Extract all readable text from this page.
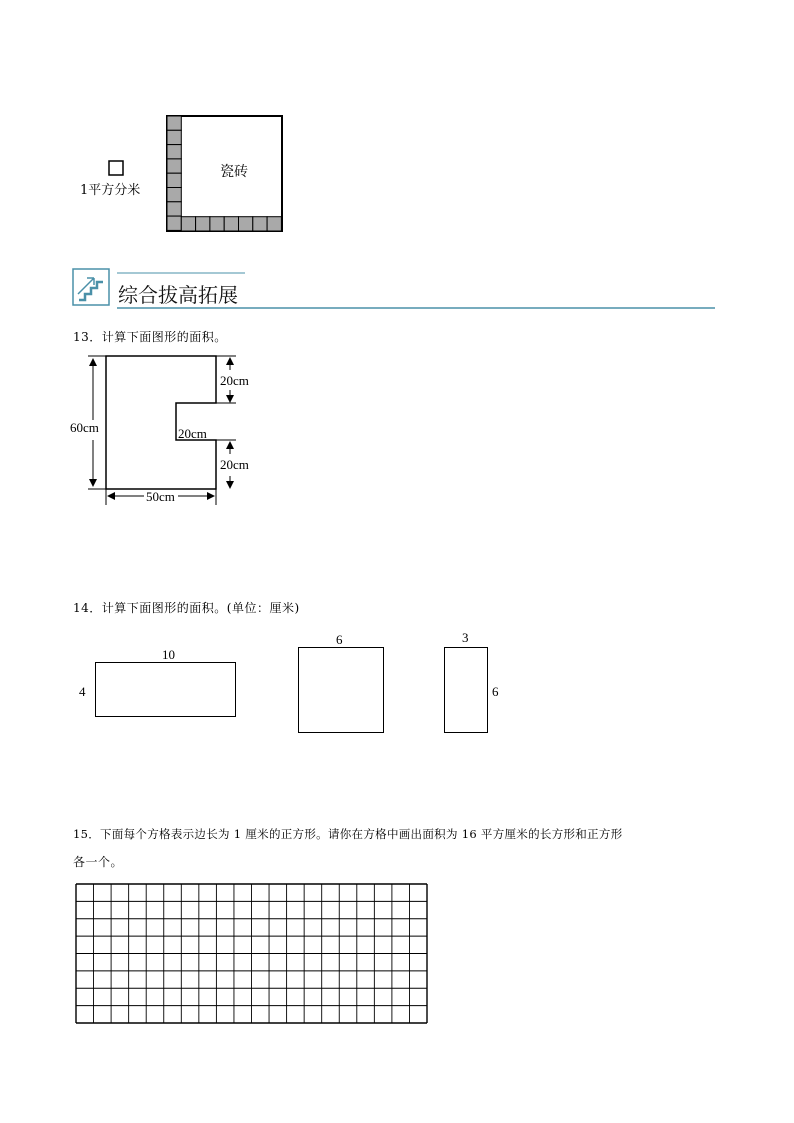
1平方分米
瓷砖
综合拔高拓展
13．计算下面图形的面积。
60cm
20cm
20cm
20cm
50cm
14．计算下面图形的面积。(单位：厘米)
10
4
6	3
6
15．下面每个方格表示边长为 1 厘米的正方形。请你在方格中画出面积为 16 平方厘米的长方形和正方形
各一个。
